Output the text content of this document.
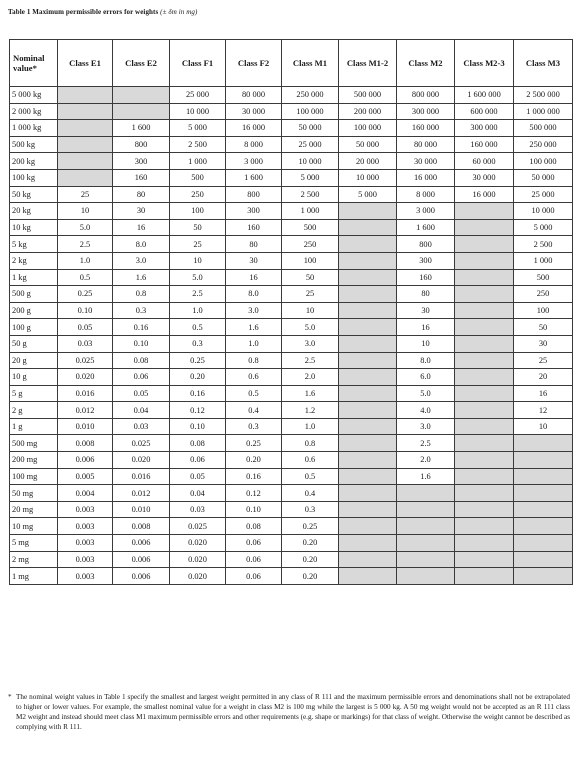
Table 1 Maximum permissible errors for weights (± δm in mg)
Nominal value*	Class E1	Class E2	Class F1	Class F2	Class M1	Class M1-2	Class M2	Class M2-3	Class M3
5 000 kg			25 000	80 000	250 000	500 000	800 000	1 600 000	2 500 000
2 000 kg			10 000	30 000	100 000	200 000	300 000	600 000	1 000 000
1 000 kg		1 600	5 000	16 000	50 000	100 000	160 000	300 000	500 000
500 kg		800	2 500	8 000	25 000	50 000	80 000	160 000	250 000
200 kg		300	1 000	3 000	10 000	20 000	30 000	60 000	100 000
100 kg		160	500	1 600	5 000	10 000	16 000	30 000	50 000
50 kg	25	80	250	800	2 500	5 000	8 000	16 000	25 000
20 kg	10	30	100	300	1 000		3 000		10 000
10 kg	5.0	16	50	160	500		1 600		5 000
5 kg	2.5	8.0	25	80	250		800		2 500
2 kg	1.0	3.0	10	30	100		300		1 000
1 kg	0.5	1.6	5.0	16	50		160		500
500 g	0.25	0.8	2.5	8.0	25		80		250
200 g	0.10	0.3	1.0	3.0	10		30		100
100 g	0.05	0.16	0.5	1.6	5.0		16		50
50 g	0.03	0.10	0.3	1.0	3.0		10		30
20 g	0.025	0.08	0.25	0.8	2.5		8.0		25
10 g	0.020	0.06	0.20	0.6	2.0		6.0		20
5 g	0.016	0.05	0.16	0.5	1.6		5.0		16
2 g	0.012	0.04	0.12	0.4	1.2		4.0		12
1 g	0.010	0.03	0.10	0.3	1.0		3.0		10
500 mg	0.008	0.025	0.08	0.25	0.8		2.5		
200 mg	0.006	0.020	0.06	0.20	0.6		2.0		
100 mg	0.005	0.016	0.05	0.16	0.5		1.6		
50 mg	0.004	0.012	0.04	0.12	0.4				
20 mg	0.003	0.010	0.03	0.10	0.3				
10 mg	0.003	0.008	0.025	0.08	0.25				
5 mg	0.003	0.006	0.020	0.06	0.20				
2 mg	0.003	0.006	0.020	0.06	0.20				
1 mg	0.003	0.006	0.020	0.06	0.20				
* The nominal weight values in Table 1 specify the smallest and largest weight permitted in any class of R 111 and the maximum permissible errors and denominations shall not be extrapolated to higher or lower values. For example, the smallest nominal value for a weight in class M2 is 100 mg while the largest is 5 000 kg. A 50 mg weight would not be accepted as an R 111 class M2 weight and instead should meet class M1 maximum permissible errors and other requirements (e.g. shape or markings) for that class of weight. Otherwise the weight cannot be described as complying with R 111.
